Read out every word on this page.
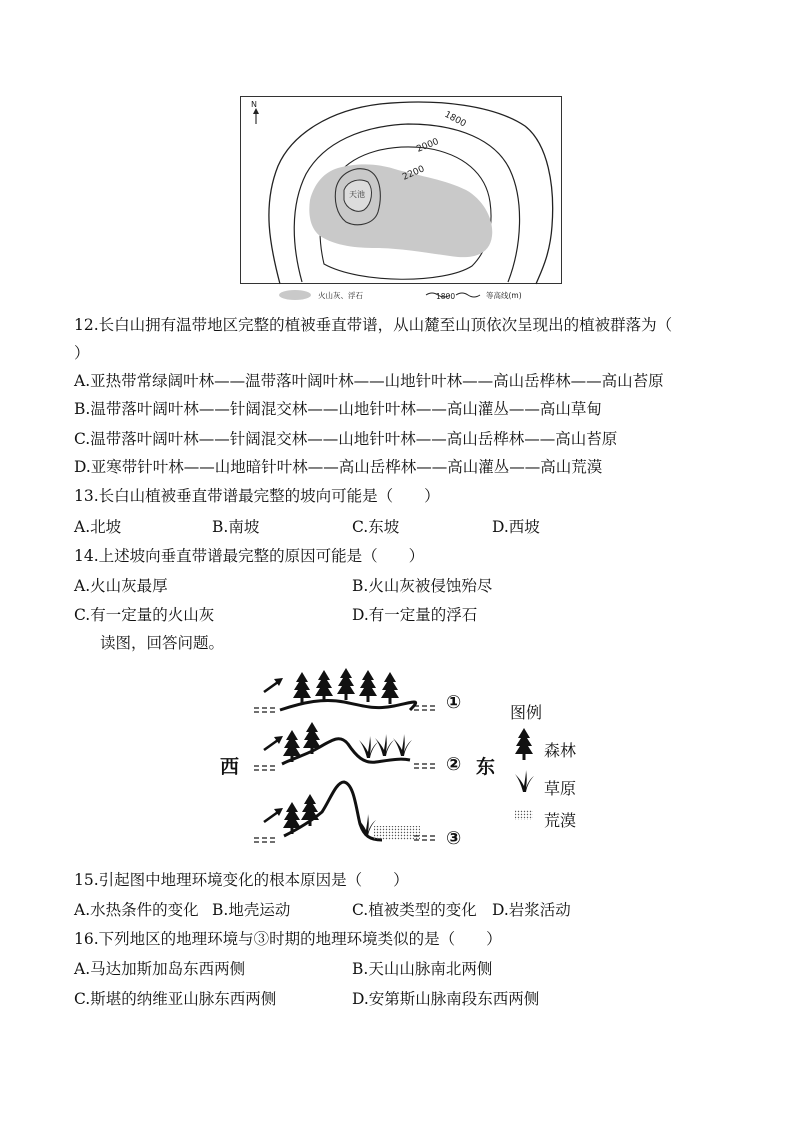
天池
1800
2000
2200
N
火山灰、浮石	1800	等高线(m)
12.长白山拥有温带地区完整的植被垂直带谱，从山麓至山顶依次呈现出的植被群落为（
）
A.亚热带常绿阔叶林——温带落叶阔叶林——山地针叶林——高山岳桦林——高山苔原
B.温带落叶阔叶林——针阔混交林——山地针叶林——高山灌丛——高山草甸
C.温带落叶阔叶林——针阔混交林——山地针叶林——高山岳桦林——高山苔原
D.亚寒带针叶林——山地暗针叶林——高山岳桦林——高山灌丛——高山荒漠
13.长白山植被垂直带谱最完整的坡向可能是（　　）
A.北坡	B.南坡	C.东坡	D.西坡
14.上述坡向垂直带谱最完整的原因可能是（　　）
A.火山灰最厚	B.火山灰被侵蚀殆尽
C.有一定量的火山灰	D.有一定量的浮石
读图，回答问题。
西	东
①
②
③
图例
森林
草原
荒漠
15.引起图中地理环境变化的根本原因是（　　）
A.水热条件的变化 B.地壳运动	C.植被类型的变化 D.岩浆活动
16.下列地区的地理环境与③时期的地理环境类似的是（　　）
A.马达加斯加岛东西两侧	B.天山山脉南北两侧
C.斯堪的纳维亚山脉东西两侧	D.安第斯山脉南段东西两侧
